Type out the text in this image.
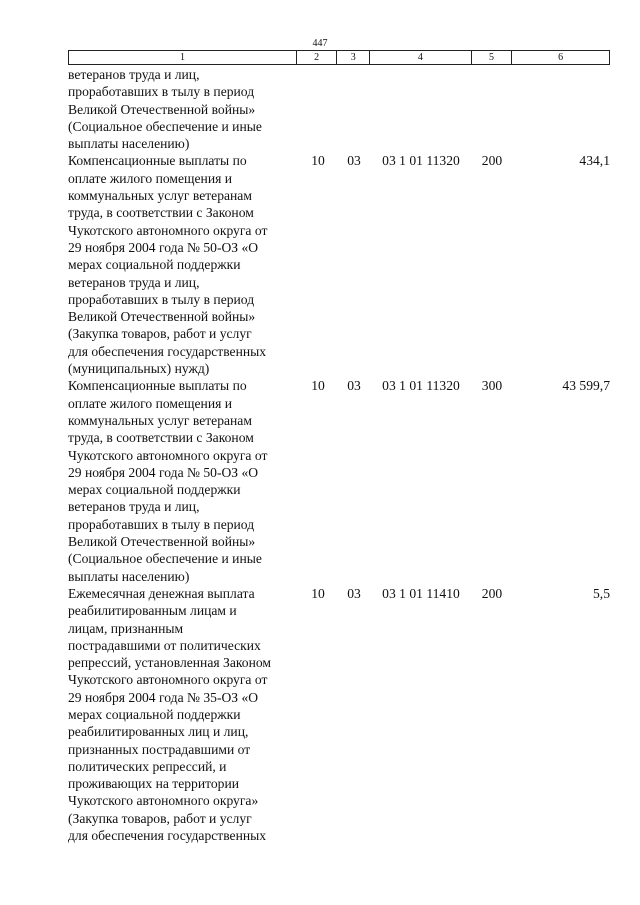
447
1	2	3	4	5	6
ветеранов труда и лиц,
проработавших в тылу в период
Великой Отечественной войны»
(Социальное обеспечение и иные
выплаты населению)
Компенсационные выплаты по
оплате жилого помещения и
коммунальных услуг ветеранам
труда, в соответствии с Законом
Чукотского автономного округа от
29 ноября 2004 года № 50-ОЗ «О
мерах социальной поддержки
ветеранов труда и лиц,
проработавших в тылу в период
Великой Отечественной войны»
(Закупка товаров, работ и услуг
для обеспечения государственных
(муниципальных) нужд)
10	03	03 1 01 11320	200	434,1
Компенсационные выплаты по
оплате жилого помещения и
коммунальных услуг ветеранам
труда, в соответствии с Законом
Чукотского автономного округа от
29 ноября 2004 года № 50-ОЗ «О
мерах социальной поддержки
ветеранов труда и лиц,
проработавших в тылу в период
Великой Отечественной войны»
(Социальное обеспечение и иные
выплаты населению)
10	03	03 1 01 11320	300	43 599,7
Ежемесячная денежная выплата
реабилитированным лицам и
лицам, признанным
пострадавшими от политических
репрессий, установленная Законом
Чукотского автономного округа от
29 ноября 2004 года № 35-ОЗ «О
мерах социальной поддержки
реабилитированных лиц и лиц,
признанных пострадавшими от
политических репрессий, и
проживающих на территории
Чукотского автономного округа»
(Закупка товаров, работ и услуг
для обеспечения государственных
10	03	03 1 01 11410	200	5,5
